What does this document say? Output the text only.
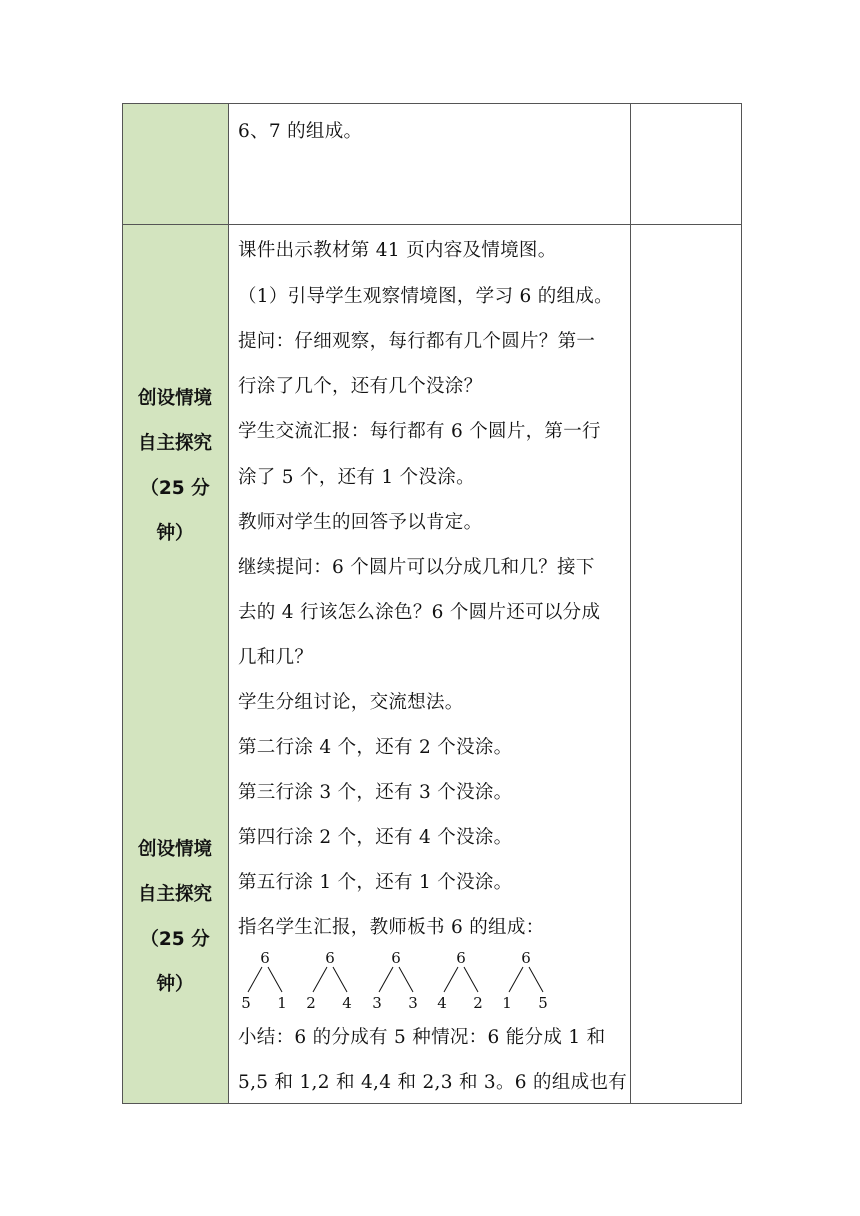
6、7 的组成。
创设情境
自主探究
（25 分
钟）
创设情境
自主探究
（25 分
钟）
课件出示教材第 41 页内容及情境图。
（1）引导学生观察情境图，学习 6 的组成。
提问：仔细观察，每行都有几个圆片？第一
行涂了几个，还有几个没涂？
学生交流汇报：每行都有 6 个圆片，第一行
涂了 5 个，还有 1 个没涂。
教师对学生的回答予以肯定。
继续提问：6 个圆片可以分成几和几？接下
去的 4 行该怎么涂色？6 个圆片还可以分成
几和几？
学生分组讨论，交流想法。
第二行涂 4 个，还有 2 个没涂。
第三行涂 3 个，还有 3 个没涂。
第四行涂 2 个，还有 4 个没涂。
第五行涂 1 个，还有 1 个没涂。
指名学生汇报，教师板书 6 的组成：
6
5 1
6
2 4
6
3 3
6
4 2
6
1 5
小结：6 的分成有 5 种情况：6 能分成 1 和
5,5 和 1,2 和 4,4 和 2,3 和 3。6 的组成也有
